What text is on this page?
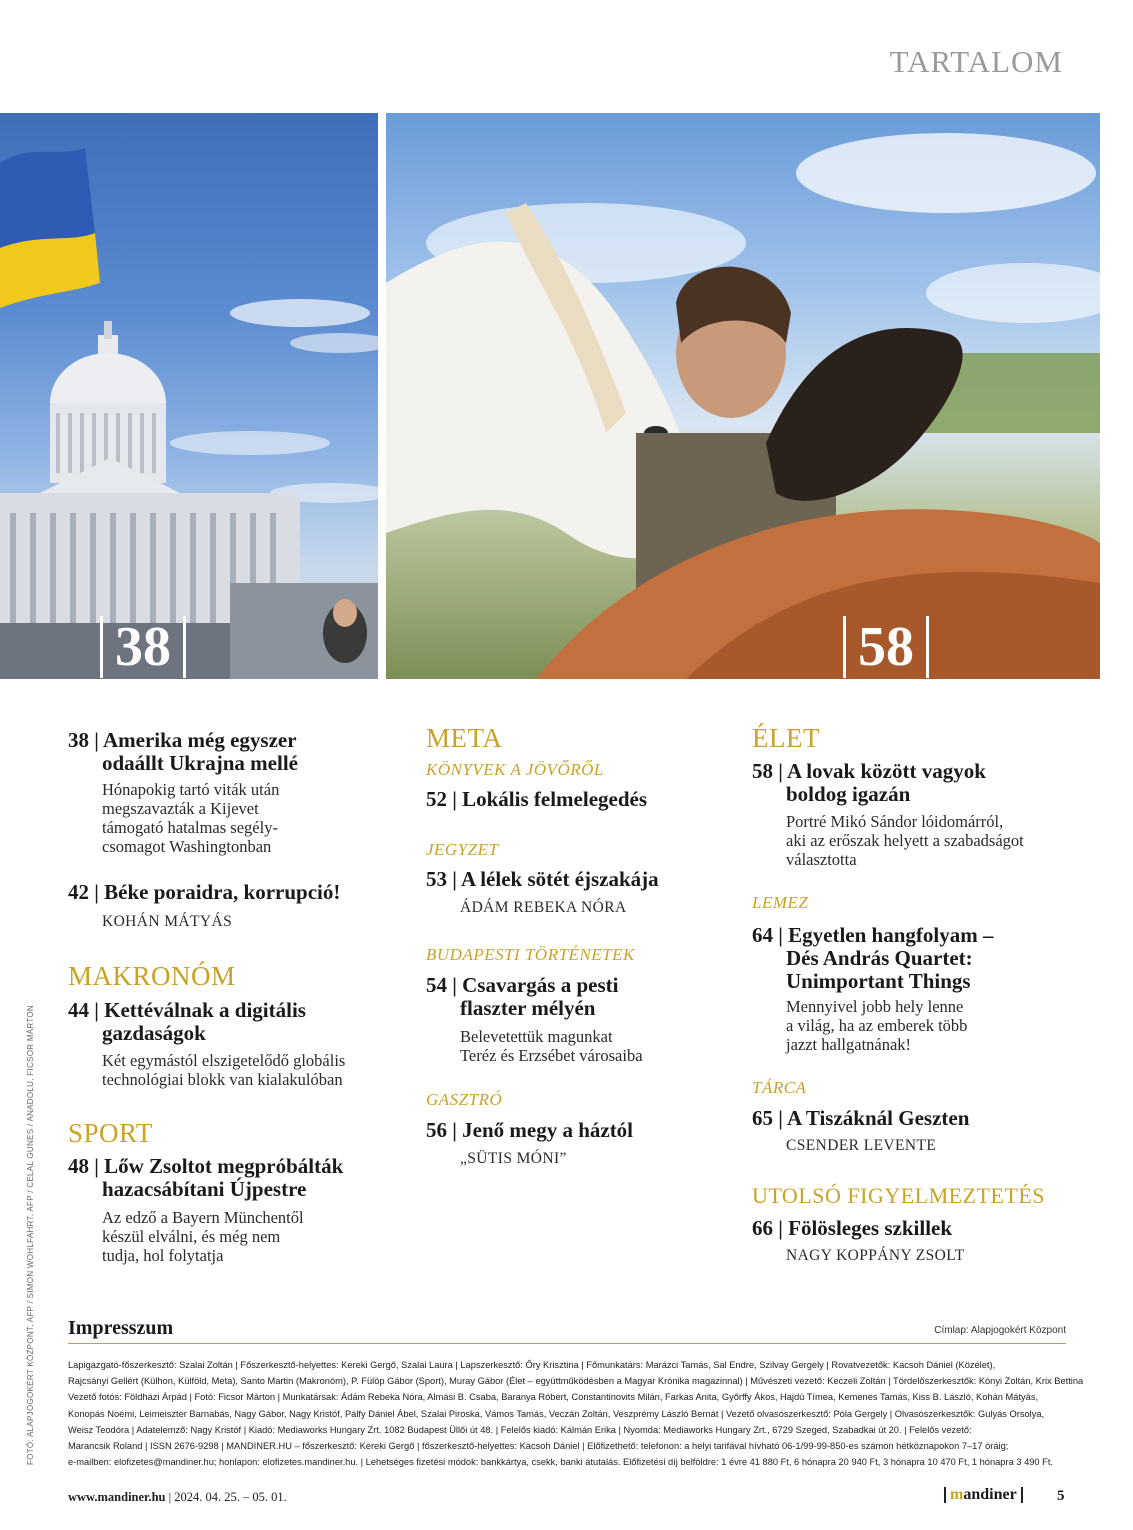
TARTALOM
38	58
38 | Amerika még egyszer
odaállt Ukrajna mellé
Hónapokig tartó viták után
megszavazták a Kijevet
támogató hatalmas segély-
csomagot Washingtonban
42 | Béke poraidra, korrupció!
KOHÁN MÁTYÁS
MAKRONÓM
44 | Kettéválnak a digitális
gazdaságok
Két egymástól elszigetelődő globális
technológiai blokk van kialakulóban
SPORT
48 | Lőw Zsoltot megpróbálták
hazacsábítani Újpestre
Az edző a Bayern Münchentől
készül elválni, és még nem
tudja, hol folytatja
META
KÖNYVEK A JÖVŐRŐL
52 | Lokális felmelegedés
JEGYZET
53 | A lélek sötét éjszakája
ÁDÁM REBEKA NÓRA
BUDAPESTI TÖRTÉNETEK
54 | Csavargás a pesti
flaszter mélyén
Belevetettük magunkat
Teréz és Erzsébet városaiba
GASZTRÓ
56 | Jenő megy a háztól
„SÜTIS MÓNI”
ÉLET
58 | A lovak között vagyok
boldog igazán
Portré Mikó Sándor lóidomárról,
aki az erőszak helyett a szabadságot
választotta
LEMEZ
64 | Egyetlen hangfolyam –
Dés András Quartet:
Unimportant Things
Mennyivel jobb hely lenne
a világ, ha az emberek több
jazzt hallgatnának!
TÁRCA
65 | A Tiszáknál Geszten
CSENDER LEVENTE
UTOLSÓ FIGYELMEZTETÉS
66 | Fölösleges szkillek
NAGY KOPPÁNY ZSOLT
FOTÓ: ALAPJOGOKÉRT KÖZPONT, AFP / SIMON WOHLFAHRT, AFP / CELAL GUNES / ANADOLU, FICSOR MÁRTON Impresszum	Címlap: Alapjogokért Központ
Lapigazgató-főszerkesztő: Szalai Zoltán | Főszerkesztő-helyettes: Kereki Gergő, Szalai Laura | Lapszerkesztő: Őry Krisztina | Főmunkatárs: Marázci Tamás, Sal Endre, Szilvay Gergely | Rovatvezetők: Kacsoh Dániel (Közélet),
Rajcsányi Gellért (Külhon, Külföld, Meta), Santo Martin (Makronóm), P. Fülöp Gábor (Sport), Muray Gábor (Élet – együttműködésben a Magyar Krónika magazinnal) | Művészeti vezető: Keczeli Zoltán | Tördelőszerkesztők: Kónyi Zoltán, Krix Bettina
Vezető fotós: Földházi Árpád | Fotó: Ficsor Márton | Munkatársak: Ádám Rebeka Nóra, Almási B. Csaba, Baranya Róbert, Constantinovits Milán, Farkas Anita, Győrffy Ákos, Hajdú Tímea, Kemenes Tamás, Kiss B. László, Kohán Mátyás,
Konopás Noémi, Leimeiszter Barnabás, Nagy Gábor, Nagy Kristóf, Pálfy Dániel Ábel, Szalai Piroska, Vámos Tamás, Veczán Zoltán, Veszprémy László Bernát | Vezető olvasószerkesztő: Póla Gergely | Olvasószerkesztők: Gulyás Orsolya,
Weisz Teodóra | Adatelemző: Nagy Kristóf | Kiadó: Mediaworks Hungary Zrt. 1082 Budapest Üllői út 48. | Felelős kiadó: Kálmán Erika | Nyomda: Mediaworks Hungary Zrt., 6729 Szeged, Szabadkai út 20. | Felelős vezető:
Marancsik Roland | ISSN 2676-9298 | MANDINER.HU – főszerkesztő: Kereki Gergő | főszerkesztő-helyettes: Kacsoh Dániel | Előfizethető: telefonon: a helyi tarifával hívható 06-1/99-99-850-es számon hétköznapokon 7–17 óráig;
e-mailben: elofizetes@mandiner.hu; honlapon: elofizetes.mandiner.hu. | Lehetséges fizetési módok: bankkártya, csekk, banki átutalás. Előfizetési díj belföldre: 1 évre 41 880 Ft, 6 hónapra 20 940 Ft, 3 hónapra 10 470 Ft, 1 hónapra 3 490 Ft.
www.mandiner.hu | 2024. 04. 25. – 05. 01.	mandiner	5
